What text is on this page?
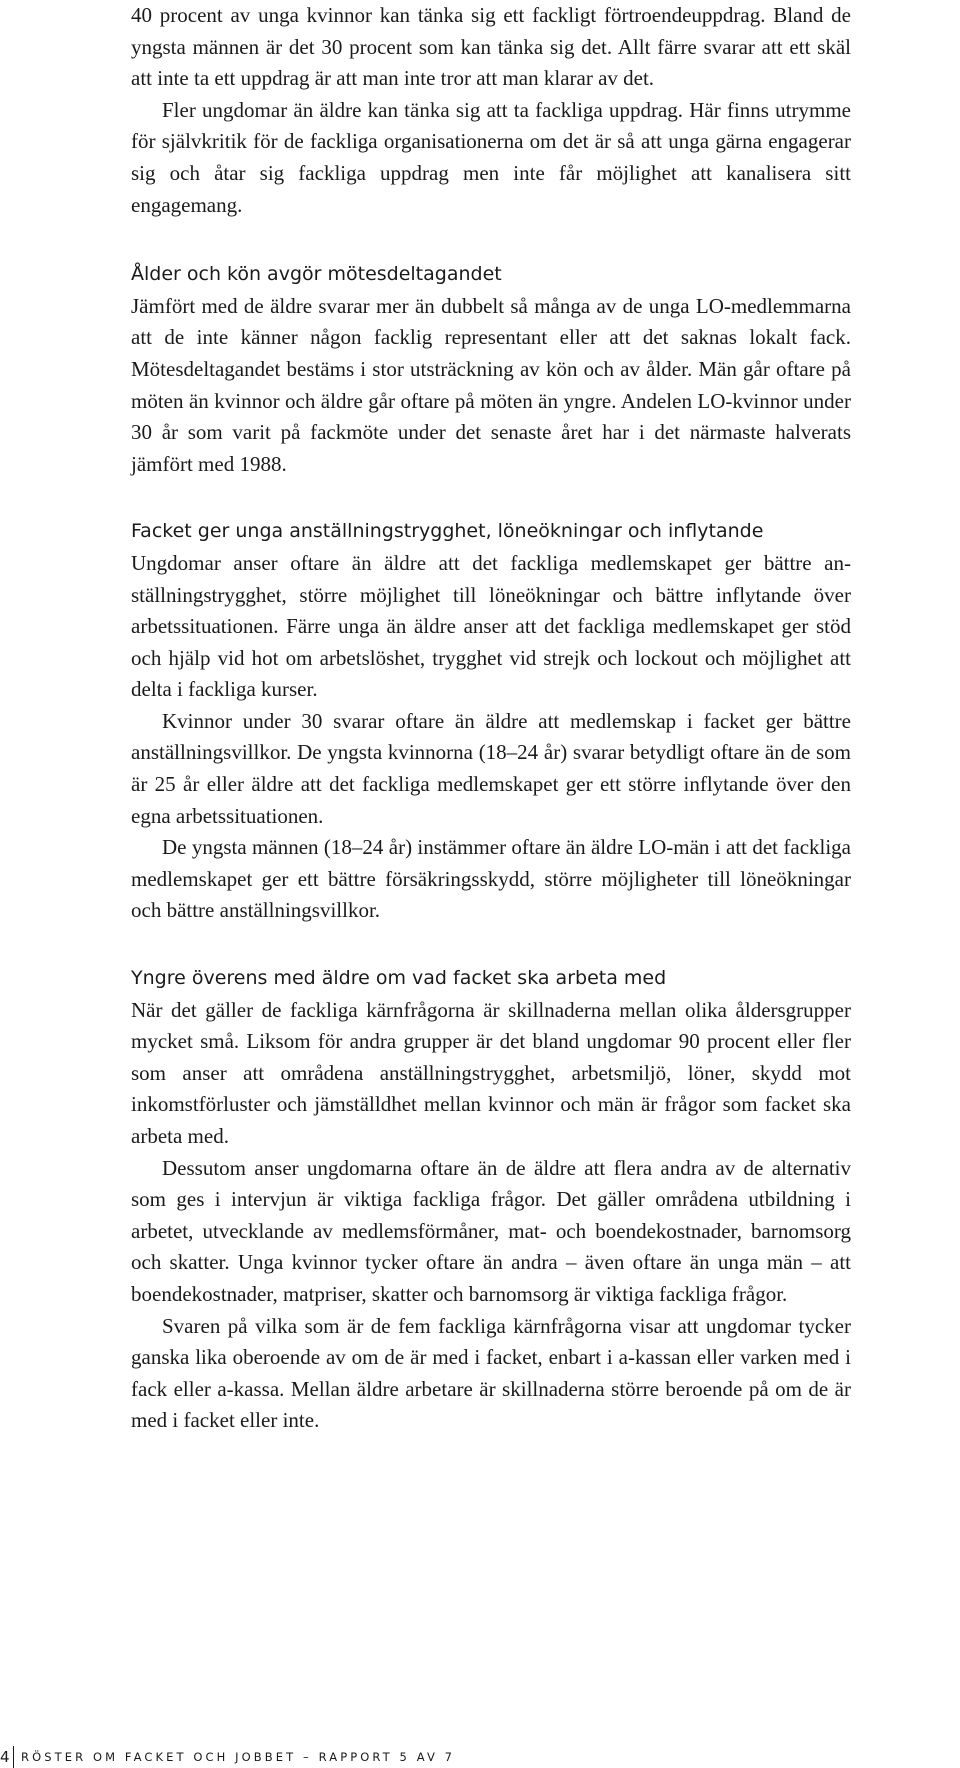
40 procent av unga kvinnor kan tänka sig ett fackligt förtroendeuppdrag. Bland de yngsta männen är det 30 procent som kan tänka sig det. Allt färre svarar att ett skäl att inte ta ett uppdrag är att man inte tror att man klarar av det.

Fler ungdomar än äldre kan tänka sig att ta fackliga uppdrag. Här finns utrymme för självkritik för de fackliga organisationerna om det är så att unga gärna engagerar sig och åtar sig fackliga uppdrag men inte får möjlighet att kanalisera sitt engagemang.

Ålder och kön avgör mötesdeltagandet

Jämfört med de äldre svarar mer än dubbelt så många av de unga LO-medlemmarna att de inte känner någon facklig representant eller att det saknas lokalt fack. Mötesdeltagandet bestäms i stor utsträckning av kön och av ålder. Män går oftare på möten än kvinnor och äldre går oftare på möten än yngre. Andelen LO-kvinnor under 30 år som varit på fackmöte under det senaste året har i det närmaste halverats jämfört med 1988.

Facket ger unga anställningstrygghet, löneökningar och inflytande

Ungdomar anser oftare än äldre att det fackliga medlemskapet ger bättre anställningstrygghet, större möjlighet till löneökningar och bättre inflytande över arbetssituationen. Färre unga än äldre anser att det fackliga medlemskapet ger stöd och hjälp vid hot om arbetslöshet, trygghet vid strejk och lockout och möjlighet att delta i fackliga kurser.

Kvinnor under 30 svarar oftare än äldre att medlemskap i facket ger bättre anställningsvillkor. De yngsta kvinnorna (18–24 år) svarar betydligt oftare än de som är 25 år eller äldre att det fackliga medlemskapet ger ett större inflytande över den egna arbetssituationen.

De yngsta männen (18–24 år) instämmer oftare än äldre LO-män i att det fackliga medlemskapet ger ett bättre försäkringsskydd, större möjligheter till löneökningar och bättre anställningsvillkor.

Yngre överens med äldre om vad facket ska arbeta med

När det gäller de fackliga kärnfrågorna är skillnaderna mellan olika åldersgrupper mycket små. Liksom för andra grupper är det bland ungdomar 90 procent eller fler som anser att områdena anställningstrygghet, arbetsmiljö, löner, skydd mot inkomstförluster och jämställdhet mellan kvinnor och män är frågor som facket ska arbeta med.

Dessutom anser ungdomarna oftare än de äldre att flera andra av de alternativ som ges i intervjun är viktiga fackliga frågor. Det gäller områdena utbildning i arbetet, utvecklande av medlemsförmåner, mat- och boendekostnader, barnomsorg och skatter. Unga kvinnor tycker oftare än andra – även oftare än unga män – att boendekostnader, matpriser, skatter och barnomsorg är viktiga fackliga frågor.

Svaren på vilka som är de fem fackliga kärnfrågorna visar att ungdomar tycker ganska lika oberoende av om de är med i facket, enbart i a-kassan eller varken med i fack eller a-kassa. Mellan äldre arbetare är skillnaderna större beroende på om de är med i facket eller inte.

4 RÖSTER OM FACKET OCH JOBBET – RAPPORT 5 AV 7
